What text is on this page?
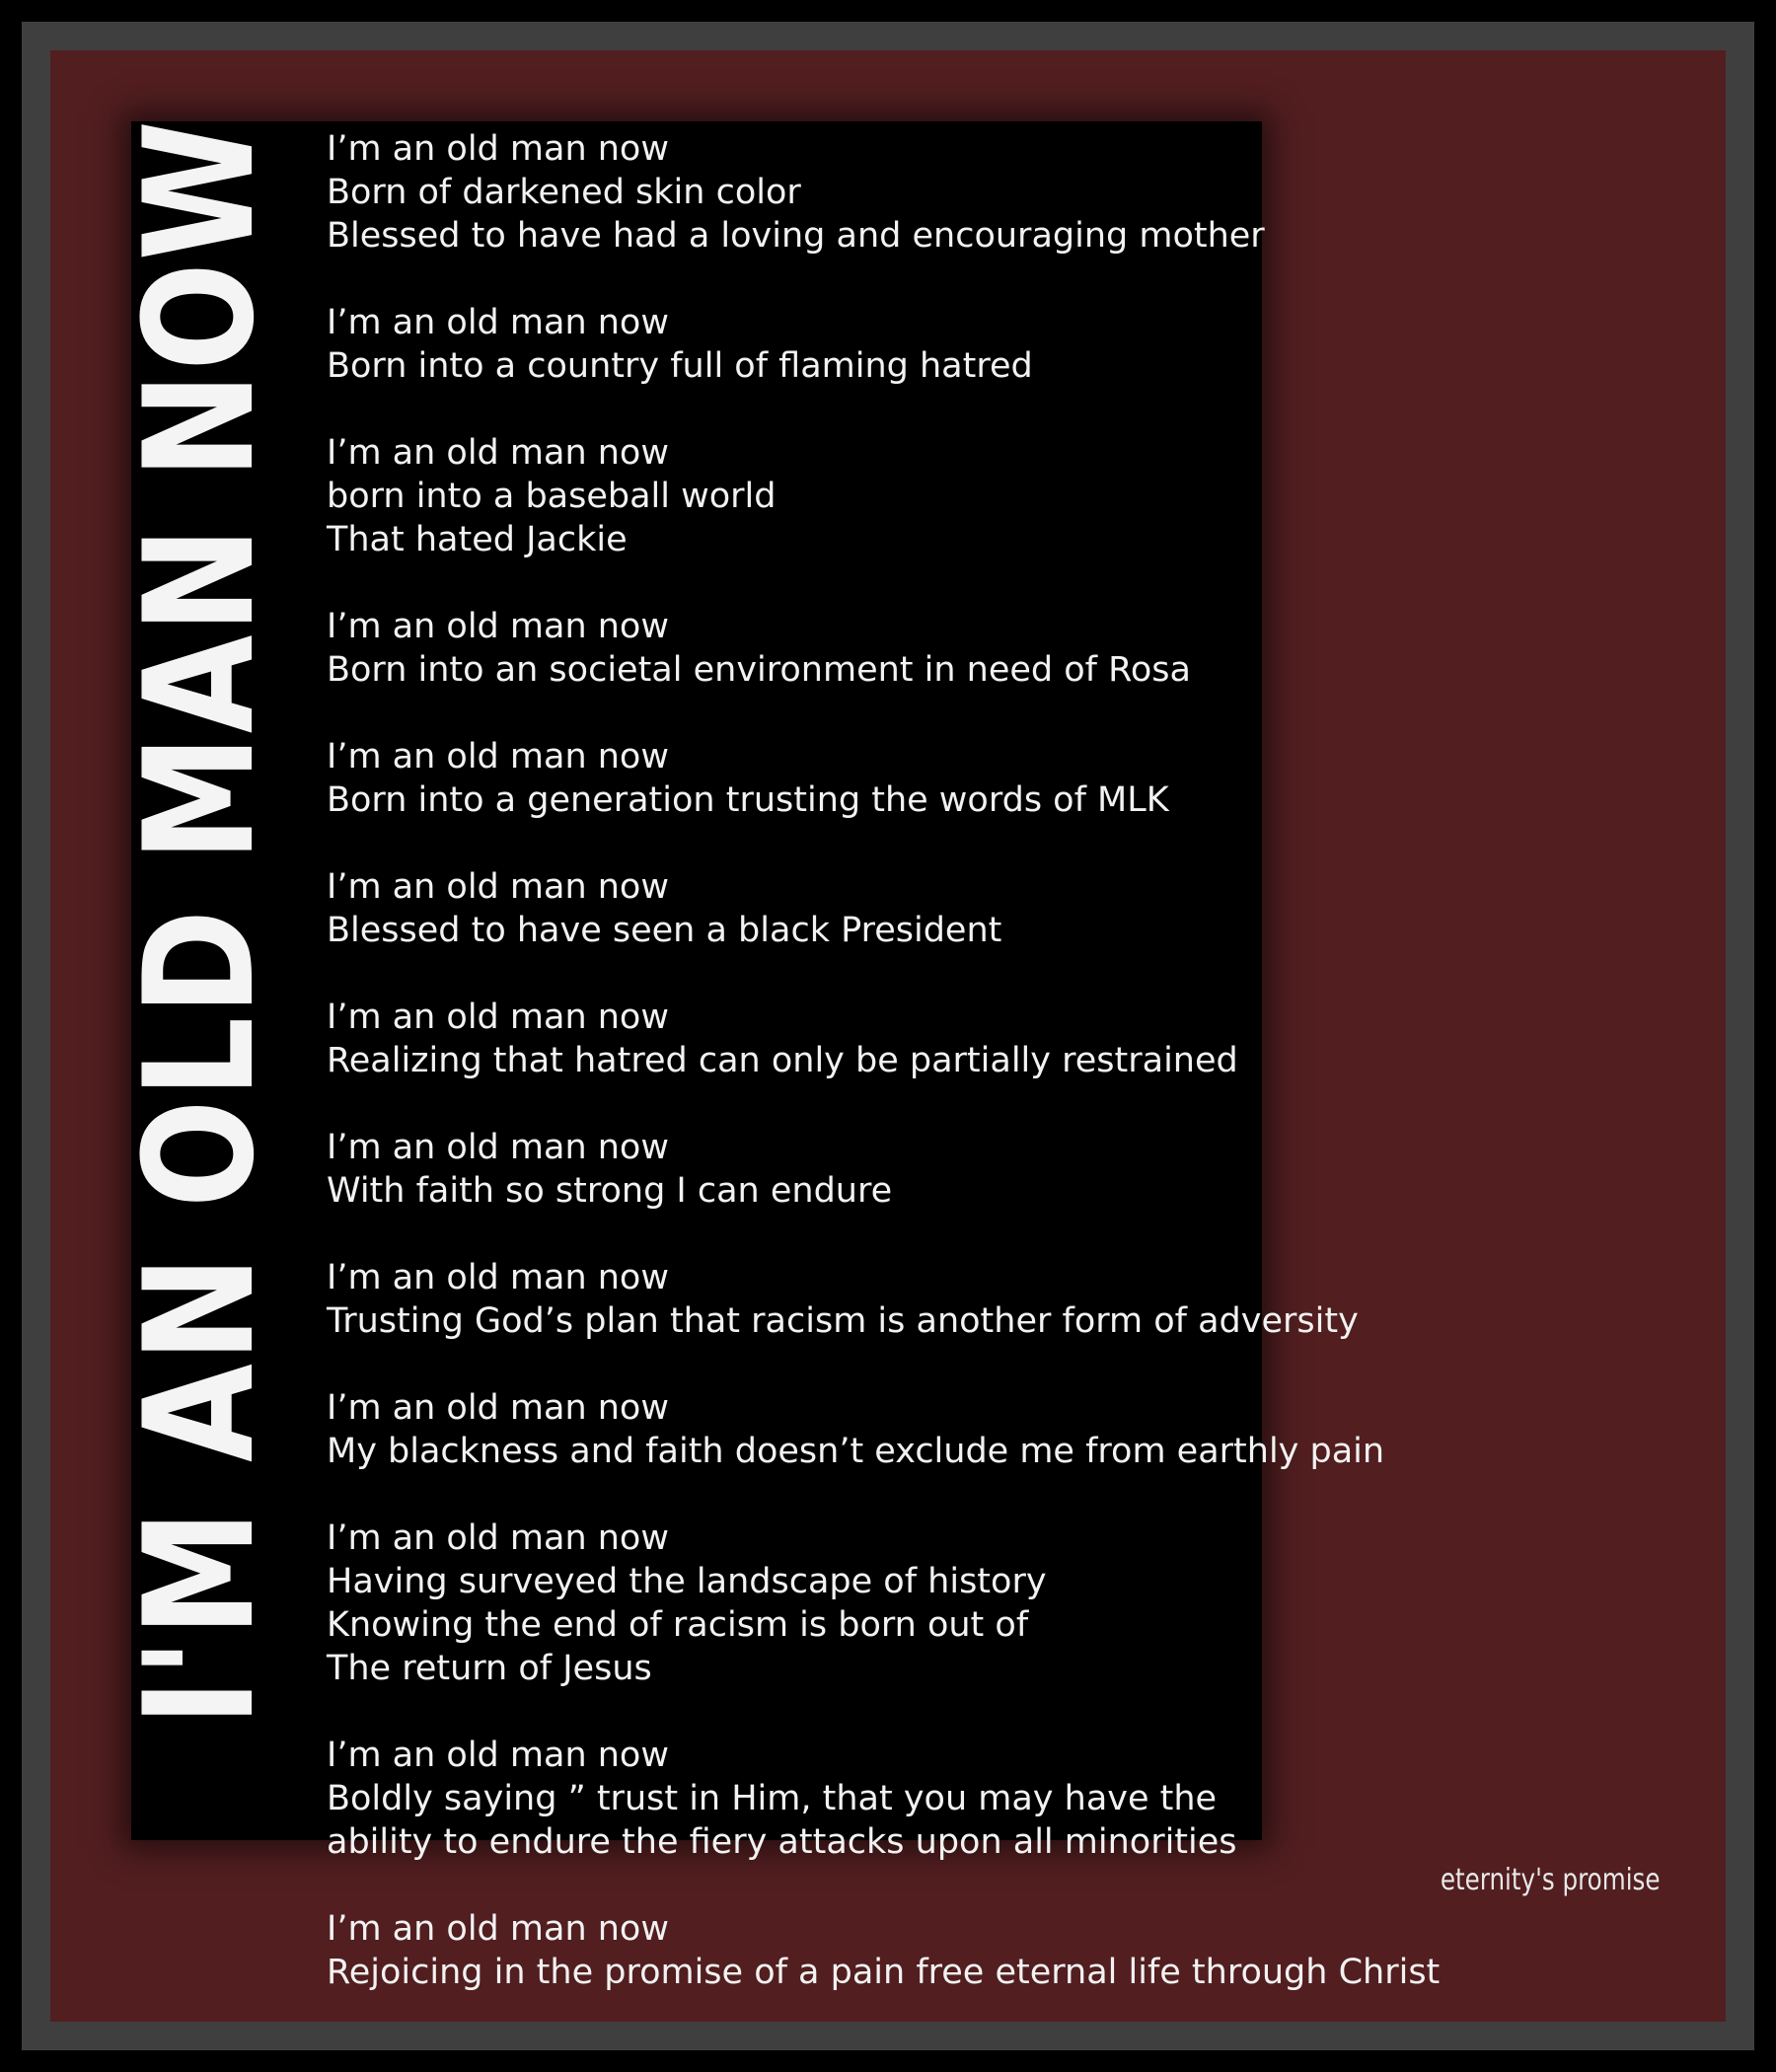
I'M AN OLD MAN NOW I’m an old man now
Born of darkened skin color
Blessed to have had a loving and encouraging mother
I’m an old man now
Born into a country full of flaming hatred
I’m an old man now
born into a baseball world
That hated Jackie
I’m an old man now
Born into an societal environment in need of Rosa
I’m an old man now
Born into a generation trusting the words of MLK
I’m an old man now
Blessed to have seen a black President
I’m an old man now
Realizing that hatred can only be partially restrained
I’m an old man now
With faith so strong I can endure
I’m an old man now
Trusting God’s plan that racism is another form of adversity
I’m an old man now
My blackness and faith doesn’t exclude me from earthly pain
I’m an old man now
Having surveyed the landscape of history
Knowing the end of racism is born out of
The return of Jesus
I’m an old man now
Boldly saying ” trust in Him, that you may have the
ability to endure the fiery attacks upon all minorities
I’m an old man now
Rejoicing in the promise of a pain free eternal life through Christ
eternity's promise
